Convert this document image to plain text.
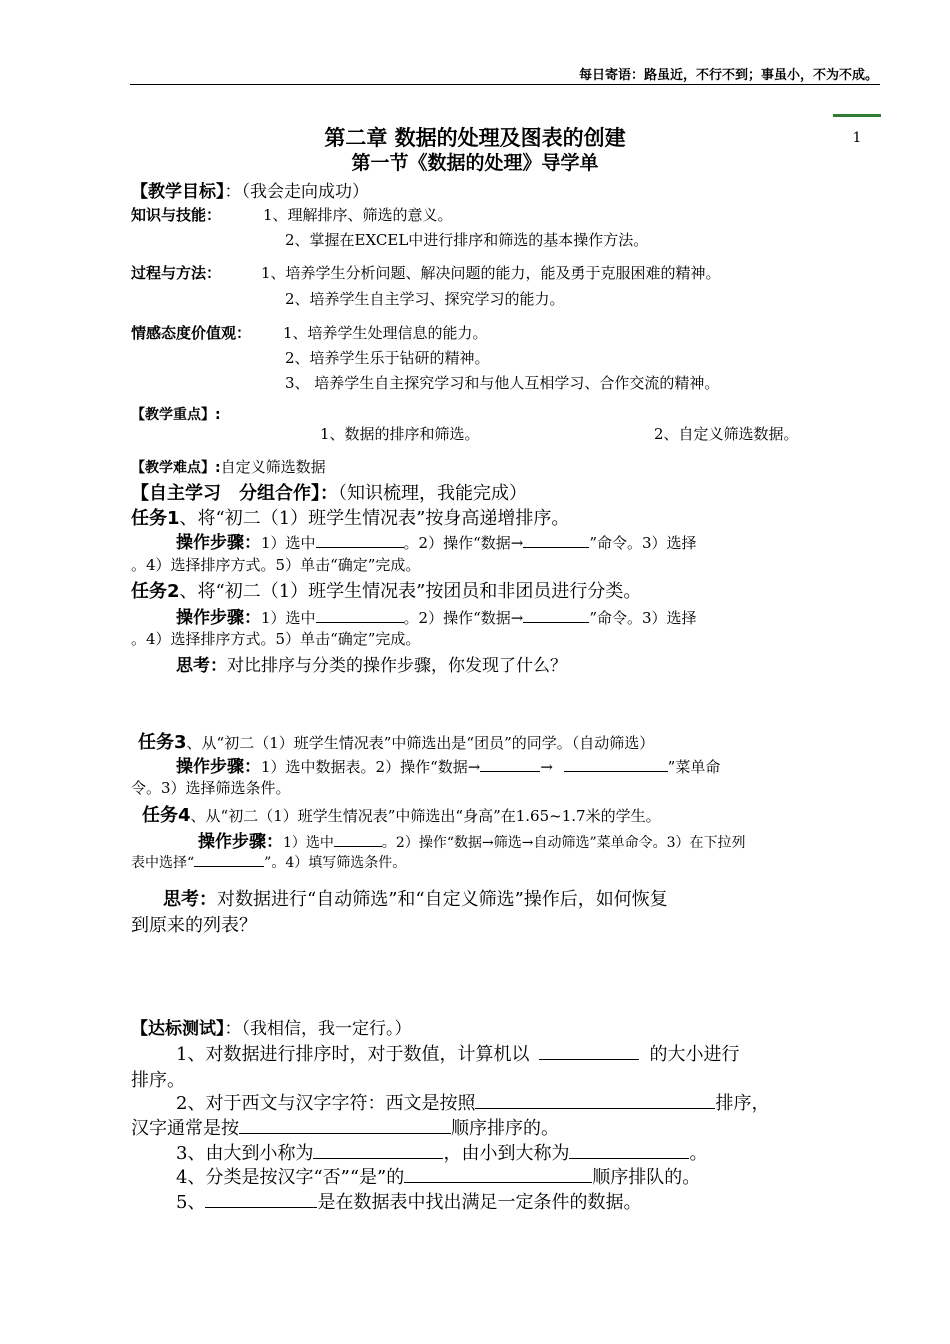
每日寄语：路虽近，不行不到；事虽小，不为不成。
1
第二章 数据的处理及图表的创建
第一节《数据的处理》导学单
【教学目标】：（我会走向成功）
知识与技能：	1、理解排序、筛选的意义。
2、掌握在EXCEL中进行排序和筛选的基本操作方法。
过程与方法：	1、培养学生分析问题、解决问题的能力，能及勇于克服困难的精神。
2、培养学生自主学习、探究学习的能力。
情感态度价值观： 1、培养学生处理信息的能力。
2、培养学生乐于钻研的精神。
3、 培养学生自主探究学习和与他人互相学习、合作交流的精神。
【教学重点】:
1、数据的排序和筛选。	2、自定义筛选数据。
【教学难点】:自定义筛选数据
【自主学习　分组合作】：（知识梳理，我能完成）
任务1、将“初二（1）班学生情况表”按身高递增排序。
操作步骤：1）选中	。2）操作“数据→	”命令。3）选择
。4）选择排序方式。5）单击“确定”完成。
任务2、将“初二（1）班学生情况表”按团员和非团员进行分类。
操作步骤：1）选中	。2）操作“数据→	”命令。3）选择
。4）选择排序方式。5）单击“确定”完成。
思考：对比排序与分类的操作步骤，你发现了什么？
任务3、从“初二（1）班学生情况表”中筛选出是“团员”的同学。（自动筛选）
操作步骤：1）选中数据表。2）操作“数据→	→	”菜单命
令。3）选择筛选条件。
任务4、从“初二（1）班学生情况表”中筛选出“身高”在1.65~1.7米的学生。
操作步骤：1）选中	。2）操作“数据→筛选→自动筛选”菜单命令。3）在下拉列
表中选择“	”。4）填写筛选条件。
思考：对数据进行“自动筛选”和“自定义筛选”操作后，如何恢复
到原来的列表？
【达标测试】：（我相信，我一定行。）
1、对数据进行排序时，对于数值，计算机以	的大小进行
排序。
2、对于西文与汉字字符：西文是按照	排序，
汉字通常是按	顺序排序的。
3、由大到小称为	，由小到大称为	。
4、分类是按汉字“否”“是”的	顺序排队的。
5、	是在数据表中找出满足一定条件的数据。
